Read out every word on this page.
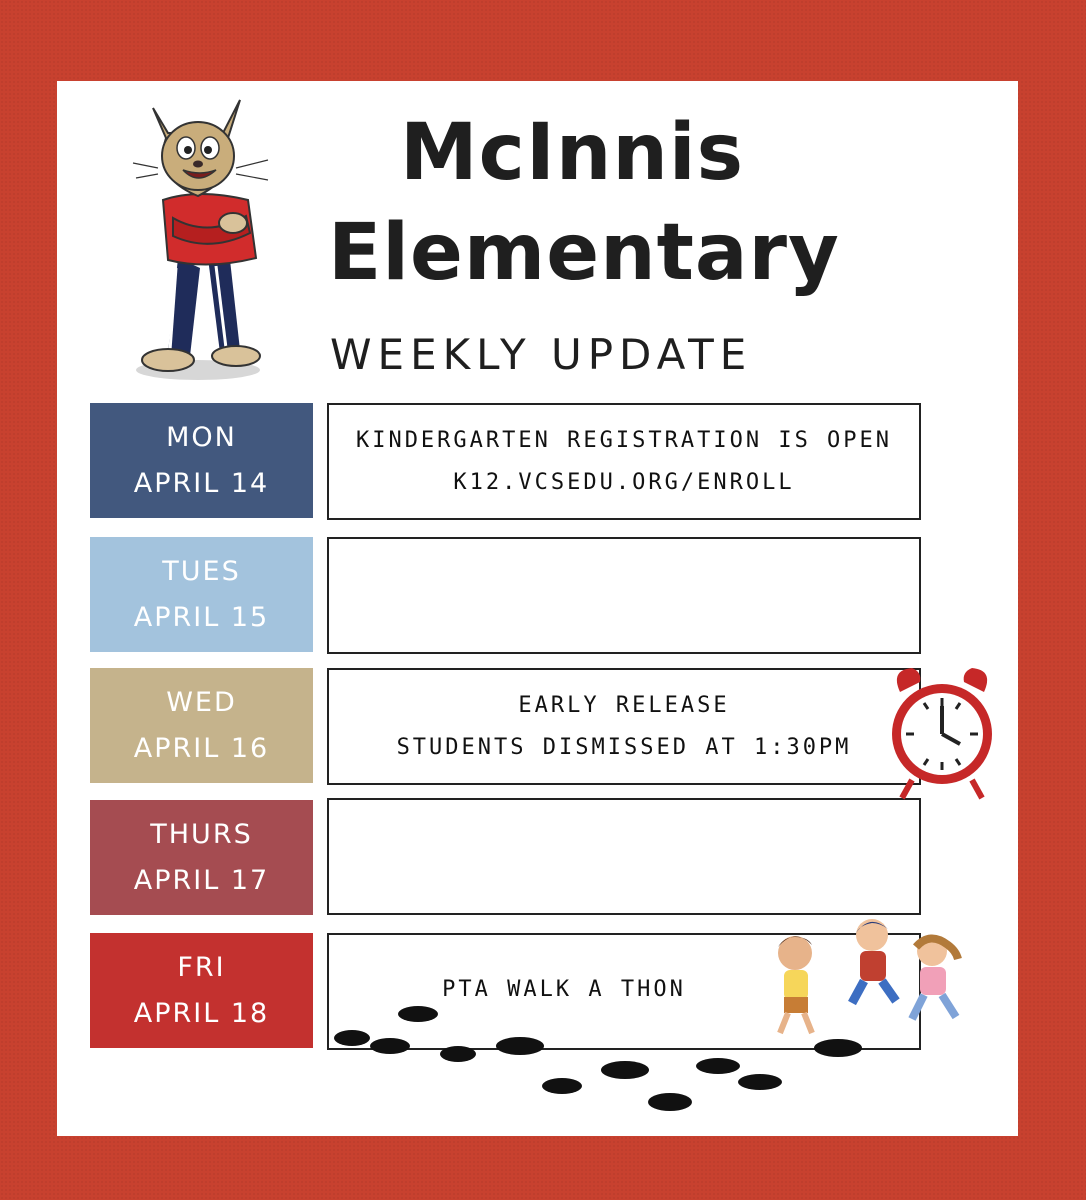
McInnis
Elementary
WEEKLY UPDATE
MON
APRIL 14
KINDERGARTEN REGISTRATION IS OPEN
K12.VCSEDU.ORG/ENROLL
TUES
APRIL 15
WED
APRIL 16
EARLY RELEASE
STUDENTS DISMISSED AT 1:30PM
THURS
APRIL 17
FRI
APRIL 18
PTA WALK A THON
